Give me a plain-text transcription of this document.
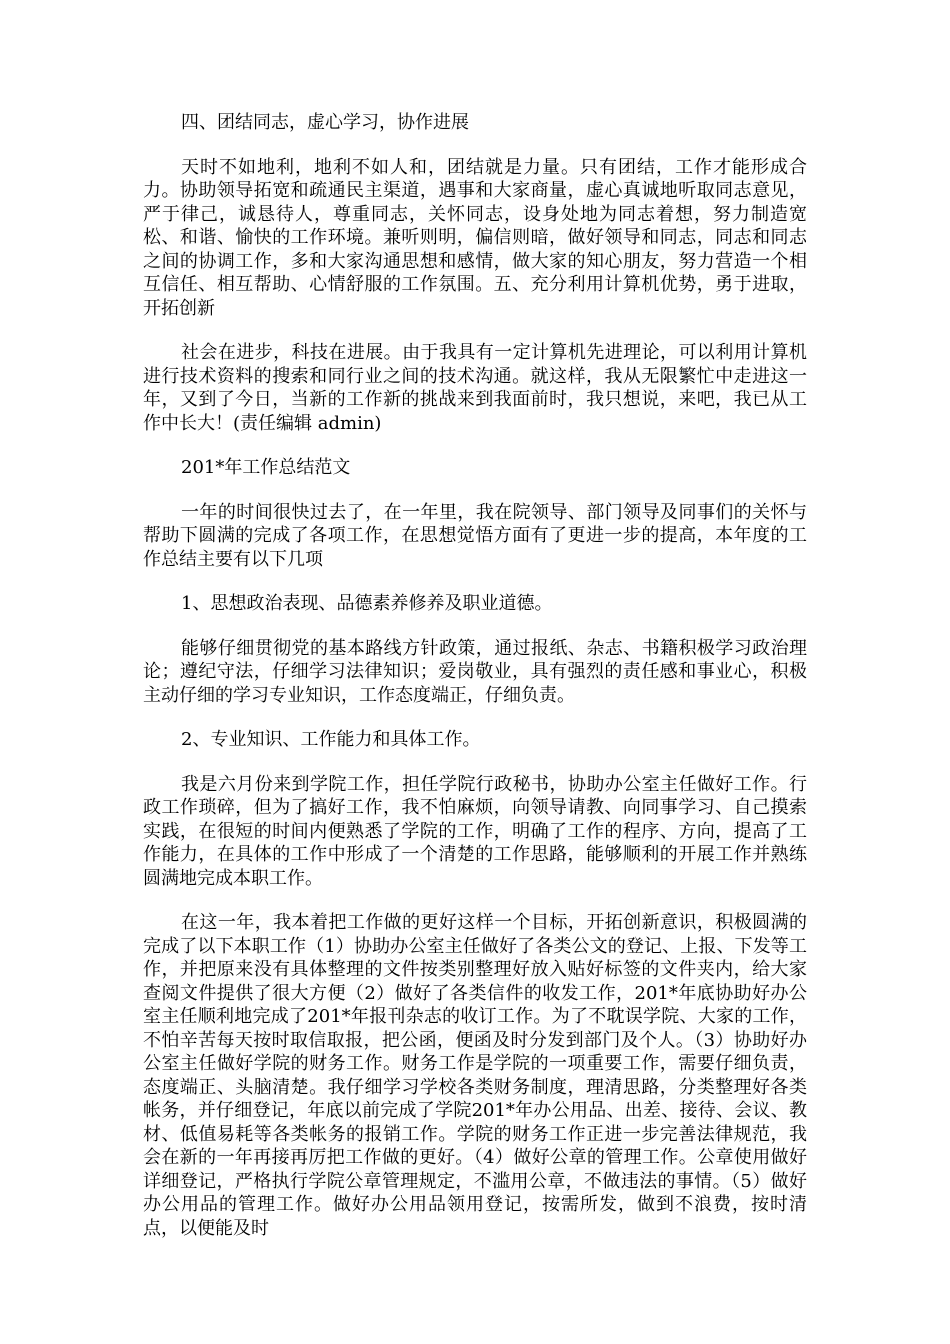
四、团结同志，虚心学习，协作进展

天时不如地利，地利不如人和，团结就是力量。只有团结，工作才能形成合力。协助领导拓宽和疏通民主渠道，遇事和大家商量，虚心真诚地听取同志意见，严于律己，诚恳待人，尊重同志，关怀同志，设身处地为同志着想，努力制造宽松、和谐、愉快的工作环境。兼听则明，偏信则暗，做好领导和同志，同志和同志之间的协调工作，多和大家沟通思想和感情，做大家的知心朋友，努力营造一个相互信任、相互帮助、心情舒服的工作氛围。五、充分利用计算机优势，勇于进取，开拓创新

社会在进步，科技在进展。由于我具有一定计算机先进理论，可以利用计算机进行技术资料的搜索和同行业之间的技术沟通。就这样，我从无限繁忙中走进这一年，又到了今日，当新的工作新的挑战来到我面前时，我只想说，来吧，我已从工作中长大！(责任编辑 admin)

201*年工作总结范文

一年的时间很快过去了，在一年里，我在院领导、部门领导及同事们的关怀与帮助下圆满的完成了各项工作，在思想觉悟方面有了更进一步的提高，本年度的工作总结主要有以下几项

1、思想政治表现、品德素养修养及职业道德。

能够仔细贯彻党的基本路线方针政策，通过报纸、杂志、书籍积极学习政治理论；遵纪守法，仔细学习法律知识；爱岗敬业，具有强烈的责任感和事业心，积极主动仔细的学习专业知识，工作态度端正，仔细负责。

2、专业知识、工作能力和具体工作。

我是六月份来到学院工作，担任学院行政秘书，协助办公室主任做好工作。行政工作琐碎，但为了搞好工作，我不怕麻烦，向领导请教、向同事学习、自己摸索实践，在很短的时间内便熟悉了学院的工作，明确了工作的程序、方向，提高了工作能力，在具体的工作中形成了一个清楚的工作思路，能够顺利的开展工作并熟练圆满地完成本职工作。

在这一年，我本着把工作做的更好这样一个目标，开拓创新意识，积极圆满的完成了以下本职工作（1）协助办公室主任做好了各类公文的登记、上报、下发等工作，并把原来没有具体整理的文件按类别整理好放入贴好标签的文件夹内，给大家查阅文件提供了很大方便（2）做好了各类信件的收发工作，201*年底协助好办公室主任顺利地完成了201*年报刊杂志的收订工作。为了不耽误学院、大家的工作，不怕辛苦每天按时取信取报，把公函，便函及时分发到部门及个人。（3）协助好办公室主任做好学院的财务工作。财务工作是学院的一项重要工作，需要仔细负责，态度端正、头脑清楚。我仔细学习学校各类财务制度，理清思路，分类整理好各类帐务，并仔细登记，年底以前完成了学院201*年办公用品、出差、接待、会议、教材、低值易耗等各类帐务的报销工作。学院的财务工作正进一步完善法律规范，我会在新的一年再接再厉把工作做的更好。（4）做好公章的管理工作。公章使用做好详细登记，严格执行学院公章管理规定，不滥用公章，不做违法的事情。（5）做好办公用品的管理工作。做好办公用品领用登记，按需所发，做到不浪费，按时清点，以便能及时
